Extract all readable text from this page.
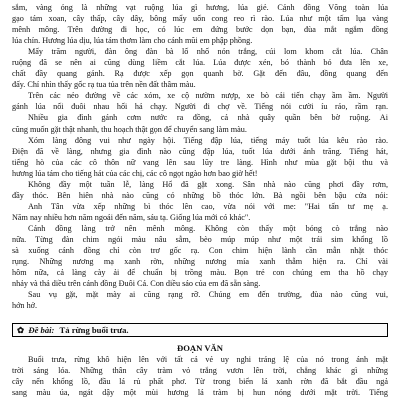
sắm, vàng óng là những vạt ruộng lúa gì hương, lúa giẻ. Cánh đồng Võng toàn lúa
gạo tám xoan, cây thấp, cây dây, bông mẩy uốn cong reo rì rào. Lúa như một tấm lụa vàng
mênh mông. Trên đường đi học, có lúc em đứng bước dọn bạn, đùa mắt ngắm đồng
lúa chín. Hương lúa dịu, lúa tám thơm làm cho cánh mũi em phập phồng.
Mấy trăm người, đàn ông đàn bà lố nhố nón trắng, cúi lom khom cắt lúa. Chân
ruộng đã se nên ai cũng dùng liềm cắt lúa. Lúa được xén, bó thành bó đưa lên xe,
chất đầy quang gánh. Rạ được xếp gọn quanh bờ. Gặt đến đâu, đồng quang đến
đấy. Chỉ nhìn thấy gốc rạ tua tủa trên nền đất thâm màu.
Trên các nẻo đường về các xóm, xe cộ nườm nượp, xe bò cải tiến chạy ầm ầm. Người
gánh lúa nối đuôi nhau hối hả chạy. Người đi chợ về. Tiếng nói cười íu ráo, rầm rạn.
Nhiều gia đình gánh cơm nước ra đồng, cả nhà quây quần bên bờ ruộng. Ai
cũng muốn gặt thật nhanh, thu hoạch thật gọn để chuyển sang làm màu.
Xóm làng đông vui như ngày hội. Tiếng đập lúa, tiếng máy tuốt lúa kêu rào rào.
Điện đã về làng, nhưng gia đình nào cũng đập lúa, tuốt lúa dưới ánh trăng. Tiếng hát,
tiếng hò của các cô thôn nữ vang lên sau lũy tre làng. Hình như mùa gặt bội thu và
hương lúa tám cho tiếng hát của các chị, các cô ngọt ngào hơn bao giờ hết!
Không đầy một tuần lễ, làng Hổ đã gặt xong. Sân nhà nào cũng phơi đầy rơm,
đầy thóc. Bên hiên nhà nào cũng có những bồ thóc lớn. Bà ngồi bên bậu cửa nói:
Anh Tân vừa xếp những bì thóc lên cao, vừa nói với me: "Hai tấn tư mẹ ạ.
Năm nay nhiều hơn năm ngoái đến năm, sáu tạ. Giống lúa mới có khác".
Cánh đồng làng trở nên mênh mông. Không còn thấy một bóng cò trắng nào
nữa. Từng đàn chim ngói màu nâu sẫm, bèo múp múp như một trái sim khổng lồ
sà xuống cánh đồng chỉ còn trơ gốc rạ. Con chim hiện lành cần mẫn nhặt thóc
rụng. Những nương mạ xanh rờn, những nương mía xanh thẫm hiện ra. Chỉ vài
hôm nữa, cả làng cày ải để chuẩn bị trồng màu. Bọn trẻ con chúng em tha hồ chạy
nhảy và thả diều trên cánh đồng Đuôi Cá. Con diều sáo của em đã sẵn sàng.
Sau vụ gặt, mặt mày ai cũng rạng rỡ. Chúng em đến trường, đùa nào cũng vui,
hớn hở.
✿ Đề bài: Tả rừng buổi trưa.
ĐOẠN VĂN
Buổi trưa, rừng khô hiện lên với tất cả vẻ uy nghi tráng lệ của nó trong ánh mặt
trời sáng lóa. Những thân cây tràm vỏ trắng vươn lên trời, chẳng khác gì những
cây nến khổng lồ, đầu lá rủ phất phơ. Từ trong biển lá xanh rờn đã bắt đầu ngả
sang màu úa, ngát dậy một mùi hương lá tràm bị hun nóng dưới mặt trời. Tiếng
